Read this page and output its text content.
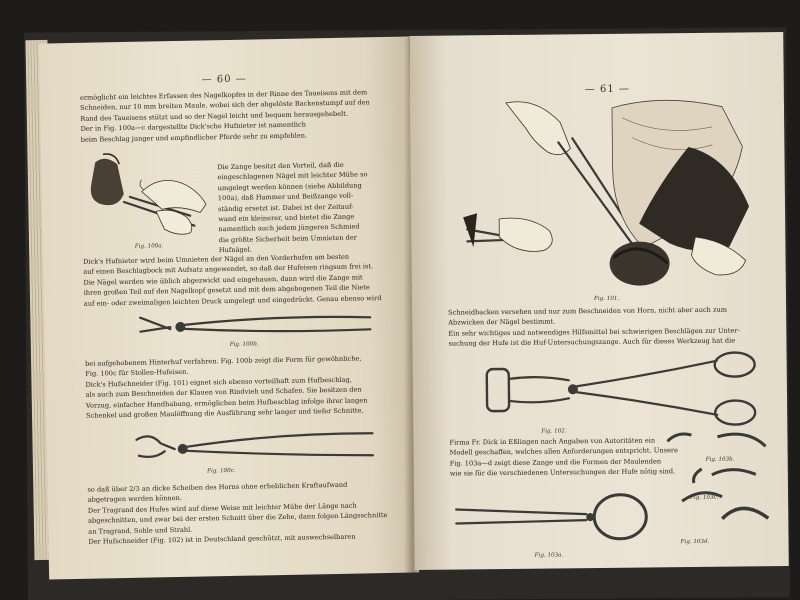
— 60 —
ermöglicht ein leichtes Erfassen des Nagelkopfes in der Rinne des Taueisens mit dem
Schneiden, nur 10 mm breiten Maule, wobei sich der abgelöste Backenstumpf auf den
Rand des Taueisens stützt und so der Nagel leicht und bequem herausgehebelt.
Der in Fig. 100a—c dargestellte Dick'sche Hufnieter ist namentlich
beim Beschlag junger und empfindlicher Pferde sehr zu empfehlen.
Fig. 100a.
Die Zange besitzt den Vorteil, daß die
eingeschlagenen Nägel mit leichter Mühe so
umgelegt werden können (siehe Abbildung
100a), daß Hammer und Beißzange voll-
ständig ersetzt ist. Dabei ist der Zeitauf-
wand ein kleinerer, und bietet die Zange
namentlich auch jedem jüngeren Schmied
die größte Sicherheit beim Umnieten der
Hufnägel.
Dick's Hufnieter wird beim Umnieten der Nägel an den Vorderhufen am besten
auf einen Beschlagbock mit Aufsatz angewendet, so daß der Hufeisen ringsum frei ist.
Die Nägel werden wie üblich abgezwickt und eingehauen, dann wird die Zange mit
ihren großen Teil auf den Nagelkopf gesetzt und mit dem abgebogenen Teil die Niete
auf ein- oder zweimaligen leichten Druck umgelegt und eingedrückt. Genau ebenso wird
Fig. 100b.
bei aufgehobenem Hinterhuf verfahren. Fig. 100b zeigt die Form für gewöhnliche,
Fig. 100c für Stollen-Hufeisen.
Dick's Hufschneider (Fig. 101) eignet sich ebenso vorteilhaft zum Hufbeschlag,
als auch zum Beschneiden der Klauen von Rindvieh und Schafen. Sie besitzen den
Vorzug, einfacher Handhabung, ermöglichen beim Hufbeschlag infolge ihrer langen
Schenkel und großen Maulöffnung die Ausführung sehr langer und tiefer Schnitte,
Fig. 100c.
so daß über 2/3 an dicke Scheiben des Horns ohne erheblichen Kraftaufwand
abgetragen werden können.
Der Tragrand des Hufes wird auf diese Weise mit leichter Mühe der Länge nach
abgeschnitten, und zwar bei der ersten Schnitt über die Zehe, dann folgen Längsschnitte
an Tragrand, Sohle und Strahl.
Der Hufschneider (Fig. 102) ist in Deutschland geschützt, mit auswechselbaren
— 61 —
Fig. 101.
Schneidbacken versehen und nur zum Beschneiden von Horn, nicht aber auch zum
Abzwicken der Nägel bestimmt.
Ein sehr wichtiges und notwendiges Hilfsmittel bei schwierigen Beschlägen zur Unter-
suchung der Hufe ist die Huf-Untersuchungszange. Auch für dieses Werkzeug hat die
Fig. 102.
Firma Fr. Dick in Eßlingen nach Angaben von Autoritäten ein
Modell geschaffen, welches allen Anforderungen entspricht. Unsere
Fig. 103a—d zeigt diese Zange und die Formen der Maulenden
wie sie für die verschiedenen Untersuchungen der Hufe nötig sind.
Fig. 103a.
Fig. 103b.
Fig. 103c.
Fig. 103d.
